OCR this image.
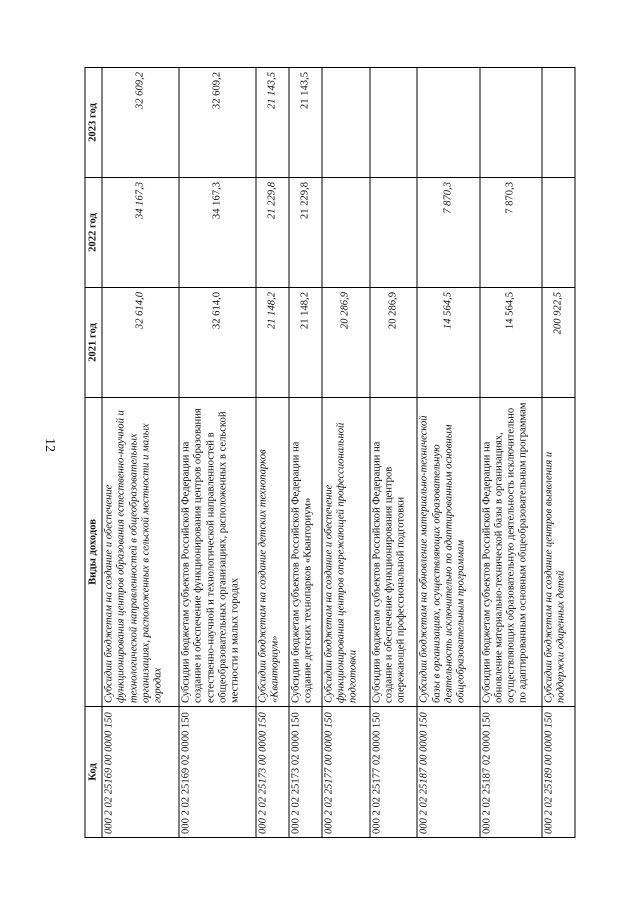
12
Код	Виды доходов	2021 год	2022 год	2023 год
000 2 02 25169 00 0000 150	Субсидии бюджетам на создание и обеспечение функционирования центров образования естественно-научной и технологической направленностей в общеобразовательных организациях, расположенных в сельской местности и малых городах	32 614,0	34 167,3	32 609,2
000 2 02 25169 02 0000 150	Субсидии бюджетам субъектов Российской Федерации на создание и обеспечение функционирования центров образования естественно-научной и технологической направленностей в общеобразовательных организациях, расположенных в сельской местности и малых городах	32 614,0	34 167,3	32 609,2
000 2 02 25173 00 0000 150	Субсидии бюджетам на создание детских технопарков «Кванториум»	21 148,2	21 229,8	21 143,5
000 2 02 25173 02 0000 150	Субсидии бюджетам субъектов Российской Федерации на создание детских технопарков «Кванториум»	21 148,2	21 229,8	21 143,5
000 2 02 25177 00 0000 150	Субсидии бюджетам на создание и обеспечение функционирования центров опережающей профессиональной подготовки	20 286,9		
000 2 02 25177 02 0000 150	Субсидии бюджетам субъектов Российской Федерации на создание и обеспечение функционирования центров опережающей профессиональной подготовки	20 286,9		
000 2 02 25187 00 0000 150	Субсидии бюджетам на обновление материально-технической базы в организациях, осуществляющих образовательную деятельность исключительно по адаптированным основным общеобразовательным программам	14 564,5	7 870,3	
000 2 02 25187 02 0000 150	Субсидии бюджетам субъектов Российской Федерации на обновление материально-технической базы в организациях, осуществляющих образовательную деятельность исключительно по адаптированным основным общеобразовательным программам	14 564,5	7 870,3	
000 2 02 25189 00 0000 150	Субсидии бюджетам на создание центров выявления и поддержки одаренных детей	200 922,5		
